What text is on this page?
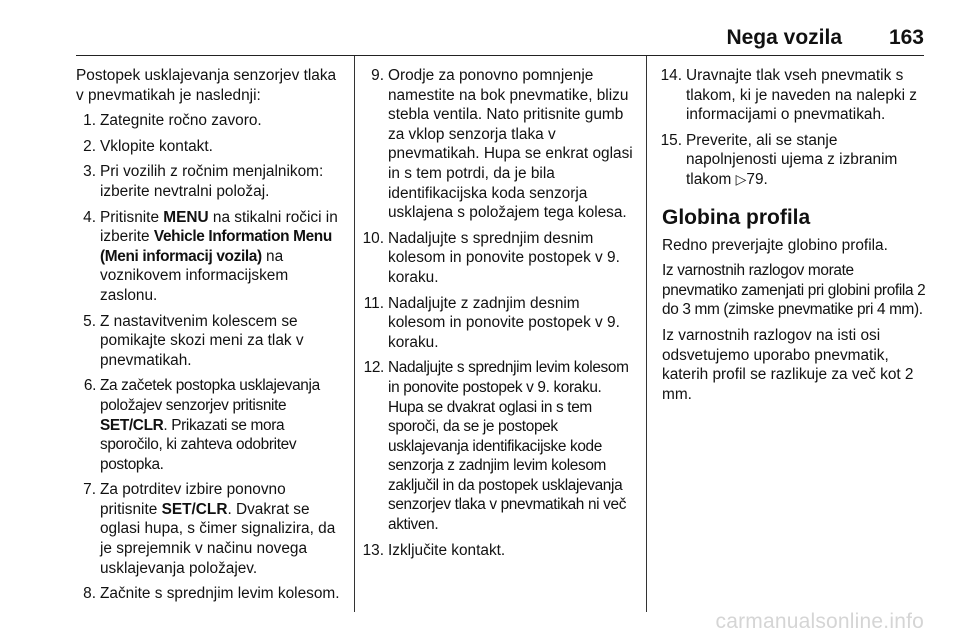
Nega vozila 163

Postopek usklajevanja senzorjev tlaka v pnevmatikah je naslednji:

1. Zategnite ročno zavoro.
2. Vklopite kontakt.
3. Pri vozilih z ročnim menjalnikom: izberite nevtralni položaj.
4. Pritisnite MENU na stikalni ročici in izberite Vehicle Information Menu (Meni informacij vozila) na voznikovem informacijskem zaslonu.
5. Z nastavitvenim kolescem se pomikajte skozi meni za tlak v pnevmatikah.
6. Za začetek postopka usklajevanja položajev senzorjev pritisnite SET/CLR. Prikazati se mora sporočilo, ki zahteva odobritev postopka.
7. Za potrditev izbire ponovno pritisnite SET/CLR. Dvakrat se oglasi hupa, s čimer signalizira, da je sprejemnik v načinu novega usklajevanja položajev.
8. Začnite s sprednjim levim kolesom.
9. Orodje za ponovno pomnjenje namestite na bok pnevmatike, blizu stebla ventila. Nato pritisnite gumb za vklop senzorja tlaka v pnevmatikah. Hupa se enkrat oglasi in s tem potrdi, da je bila identifikacijska koda senzorja usklajena s položajem tega kolesa.
10. Nadaljujte s sprednjim desnim kolesom in ponovite postopek v 9. koraku.
11. Nadaljujte z zadnjim desnim kolesom in ponovite postopek v 9. koraku.
12. Nadaljujte s sprednjim levim kolesom in ponovite postopek v 9. koraku. Hupa se dvakrat oglasi in s tem sporoči, da se je postopek usklajevanja identifikacijske kode senzorja z zadnjim levim kolesom zaključil in da postopek usklajevanja senzorjev tlaka v pnevmatikah ni več aktiven.
13. Izključite kontakt.
14. Uravnajte tlak vseh pnevmatik s tlakom, ki je naveden na nalepki z informacijami o pnevmatikah.
15. Preverite, ali se stanje napolnjenosti ujema z izbranim tlakom ▷79.
Globina profila

Redno preverjajte globino profila.

Iz varnostnih razlogov morate pnevmatiko zamenjati pri globini profila 2 do 3 mm (zimske pnevmatike pri 4 mm).

Iz varnostnih razlogov na isti osi odsvetujemo uporabo pnevmatik, katerih profil se razlikuje za več kot 2 mm.

carmanualsonline.info
